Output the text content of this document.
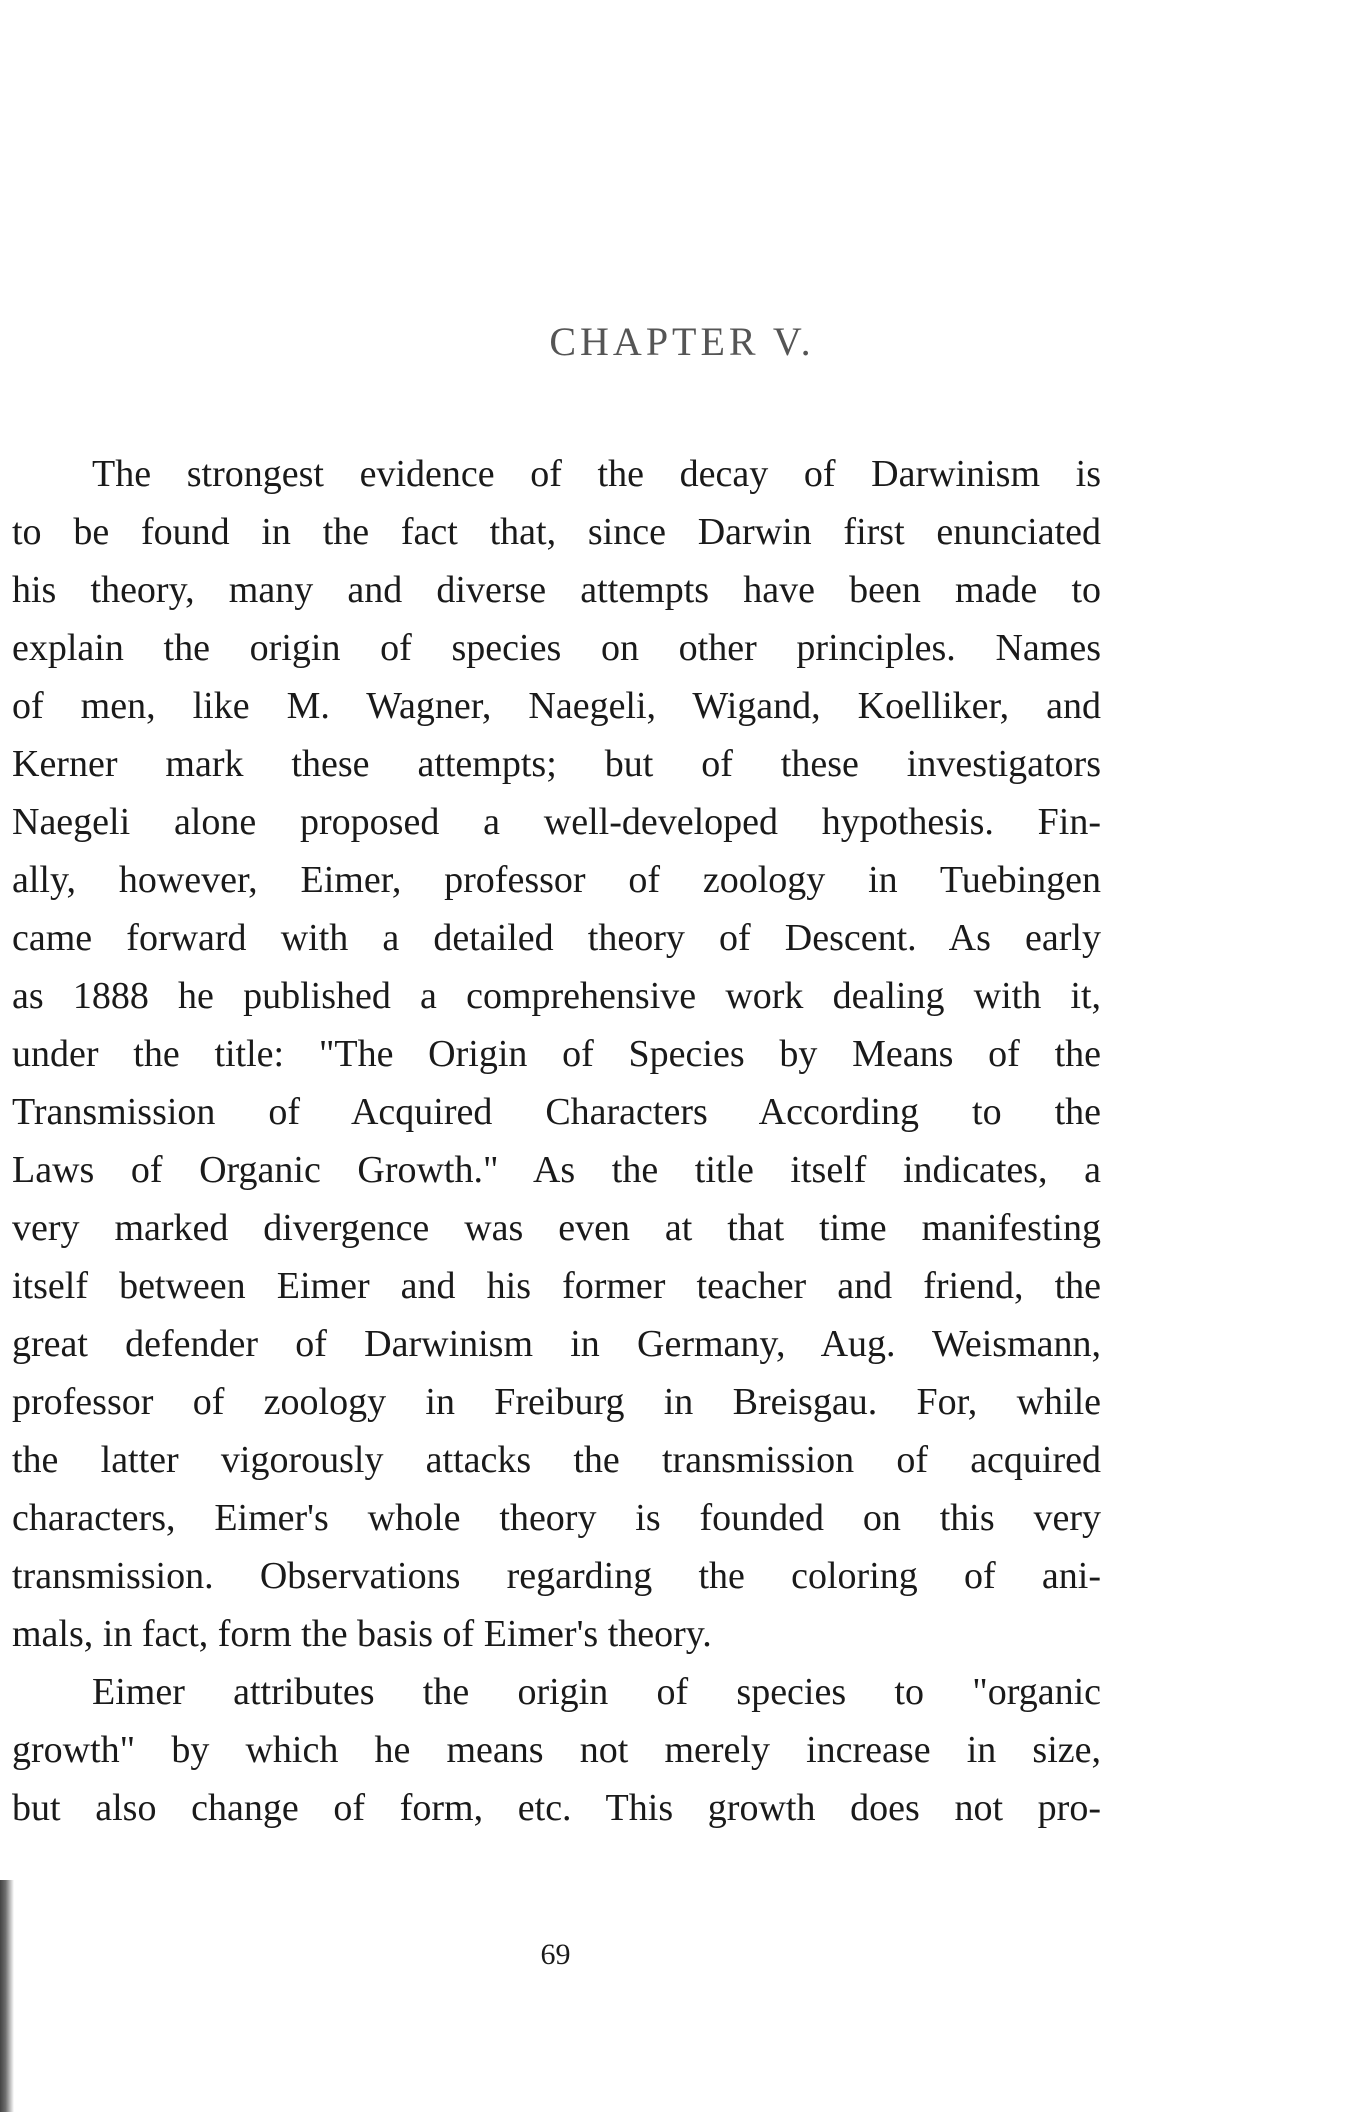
CHAPTER V.
The strongest evidence of the decay of Darwinism is
to be found in the fact that, since Darwin first enunciated
his theory, many and diverse attempts have been made to
explain the origin of species on other principles. Names
of men, like M. Wagner, Naegeli, Wigand, Koelliker, and
Kerner mark these attempts; but of these investigators
Naegeli alone proposed a well-developed hypothesis. Fin-
ally, however, Eimer, professor of zoology in Tuebingen
came forward with a detailed theory of Descent. As early
as 1888 he published a comprehensive work dealing with it,
under the title: "The Origin of Species by Means of the
Transmission of Acquired Characters According to the
Laws of Organic Growth." As the title itself indicates, a
very marked divergence was even at that time manifesting
itself between Eimer and his former teacher and friend, the
great defender of Darwinism in Germany, Aug. Weismann,
professor of zoology in Freiburg in Breisgau. For, while
the latter vigorously attacks the transmission of acquired
characters, Eimer's whole theory is founded on this very
transmission. Observations regarding the coloring of ani-
mals, in fact, form the basis of Eimer's theory.
Eimer attributes the origin of species to "organic
growth" by which he means not merely increase in size,
but also change of form, etc. This growth does not pro-
69
